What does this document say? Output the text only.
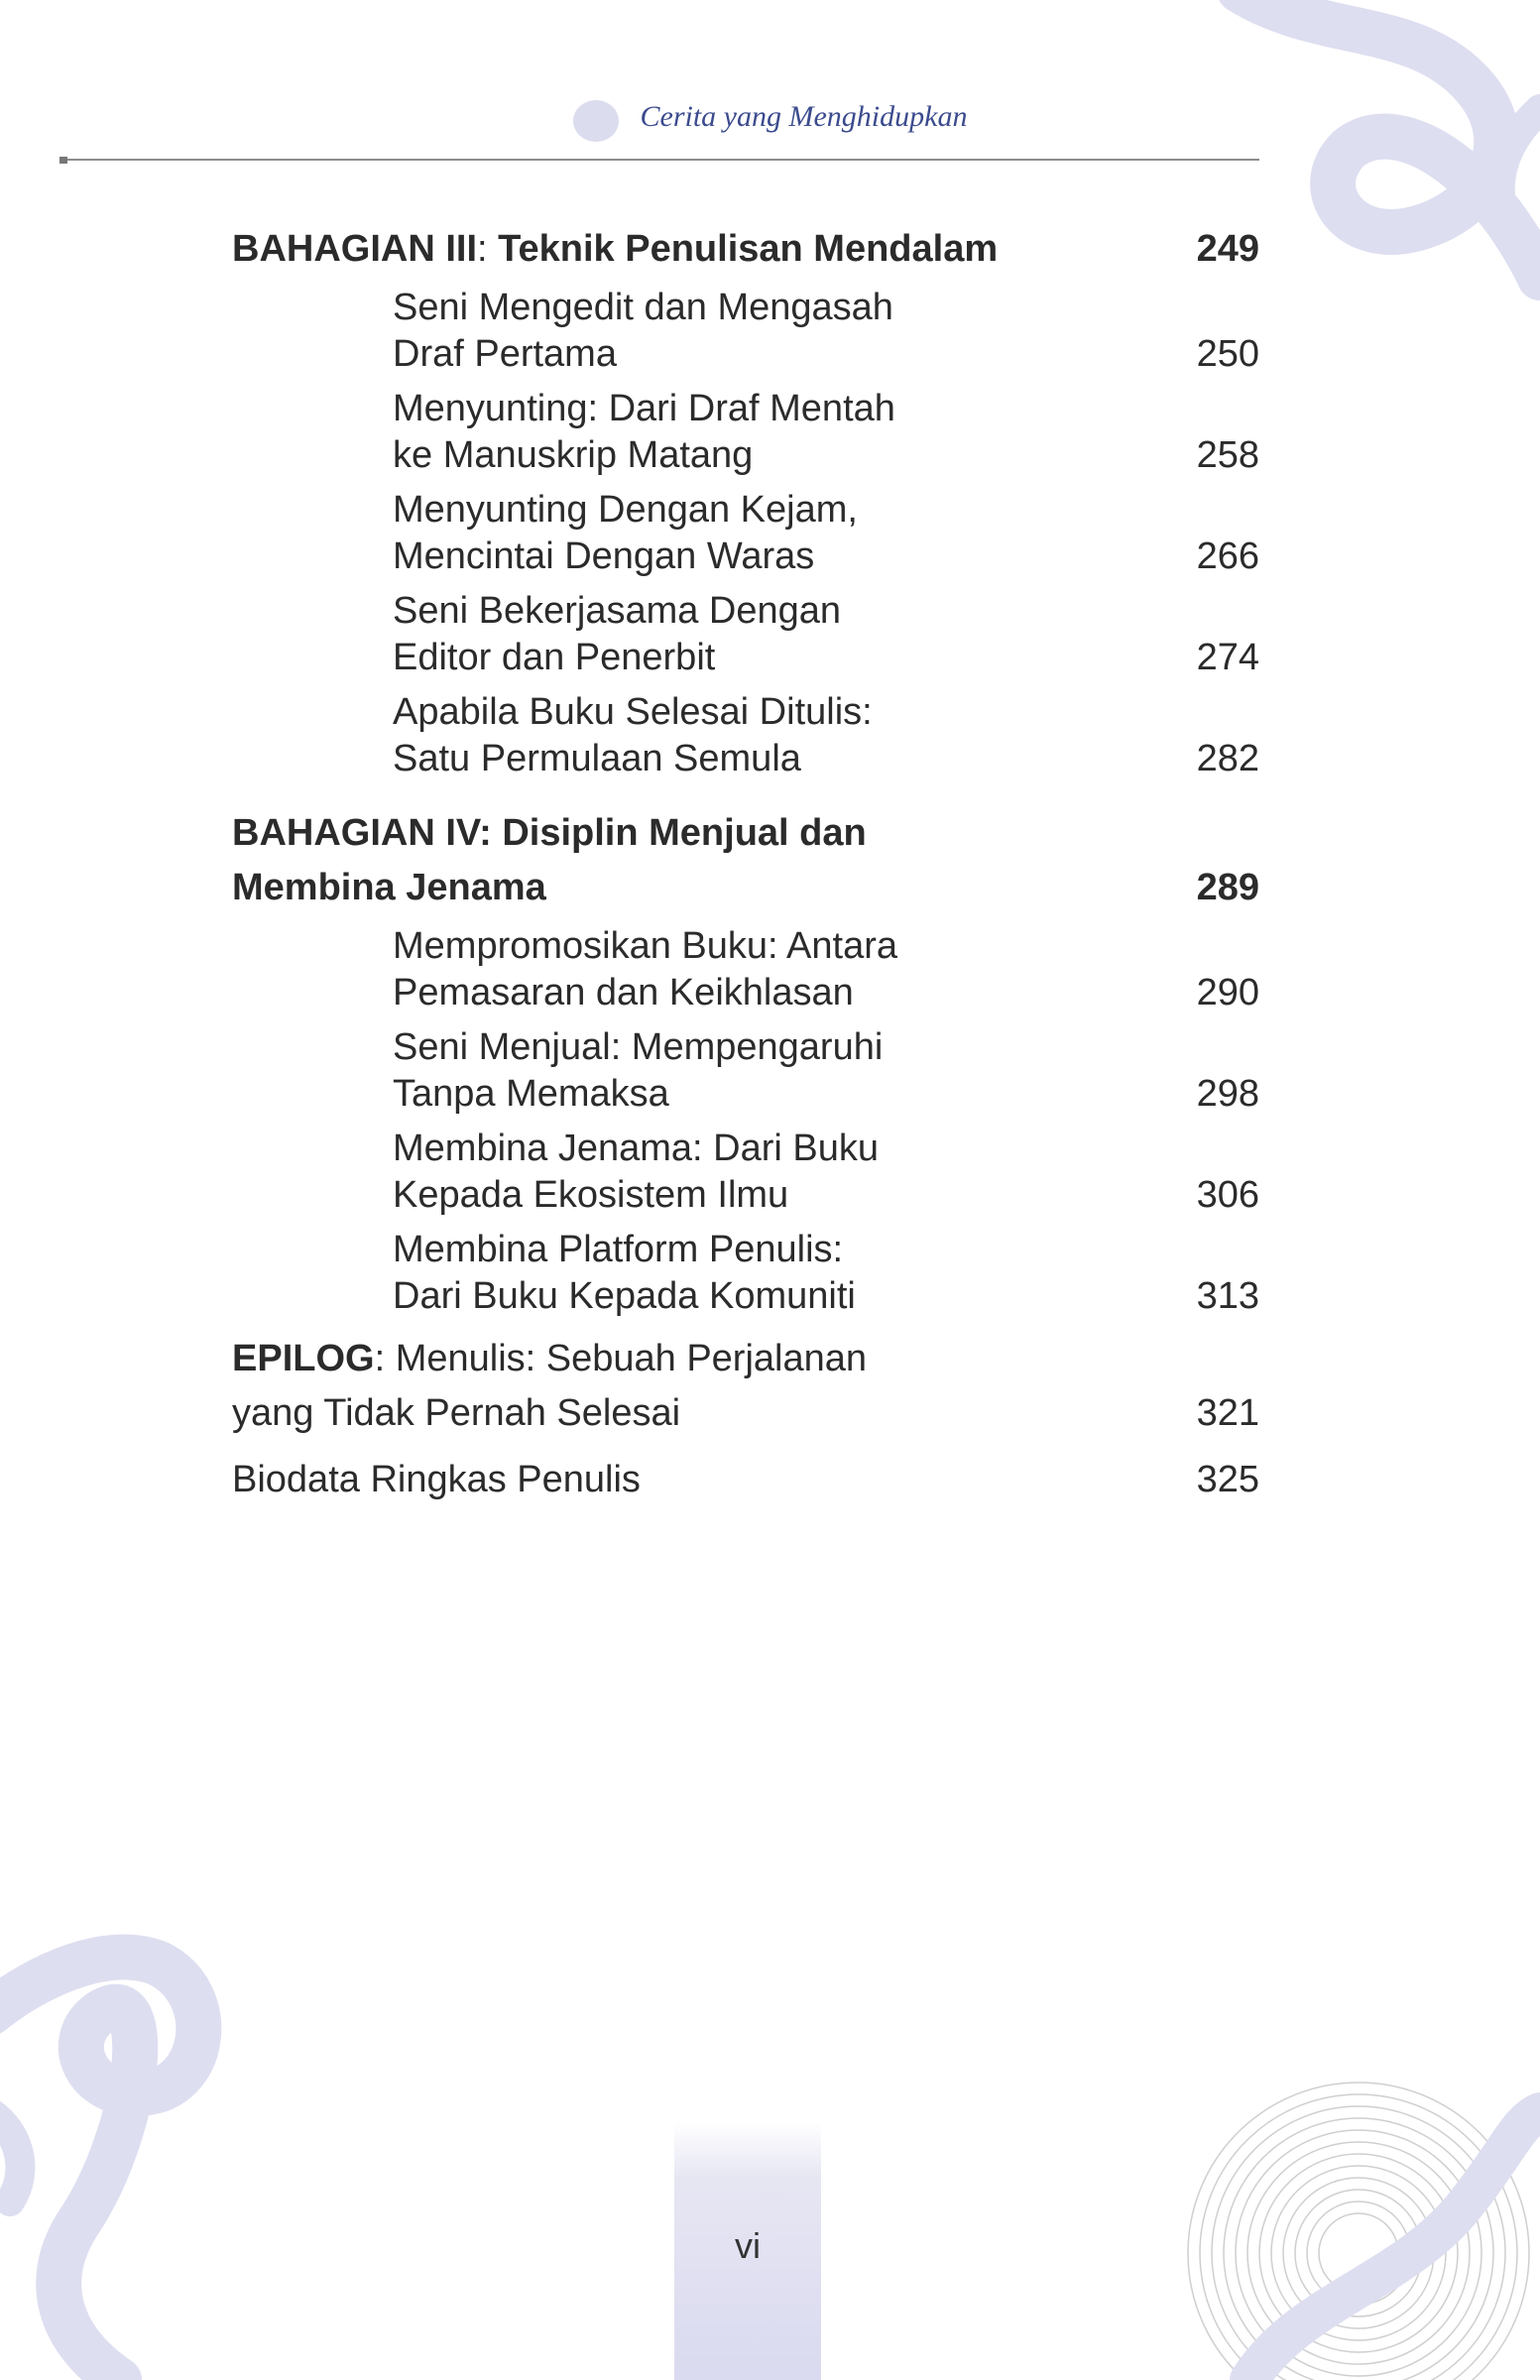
Cerita yang Menghidupkan
BAHAGIAN III: Teknik Penulisan Mendalam	249
Seni Mengedit dan Mengasah
Draf Pertama	250
Menyunting: Dari Draf Mentah
ke Manuskrip Matang	258
Menyunting Dengan Kejam,
Mencintai Dengan Waras	266
Seni Bekerjasama Dengan
Editor dan Penerbit	274
Apabila Buku Selesai Ditulis:
Satu Permulaan Semula	282
BAHAGIAN IV: Disiplin Menjual dan
Membina Jenama	289
Mempromosikan Buku: Antara
Pemasaran dan Keikhlasan	290
Seni Menjual: Mempengaruhi
Tanpa Memaksa	298
Membina Jenama: Dari Buku
Kepada Ekosistem Ilmu	306
Membina Platform Penulis:
Dari Buku Kepada Komuniti	313
EPILOG: Menulis: Sebuah Perjalanan
yang Tidak Pernah Selesai	321
Biodata Ringkas Penulis	325
vi
